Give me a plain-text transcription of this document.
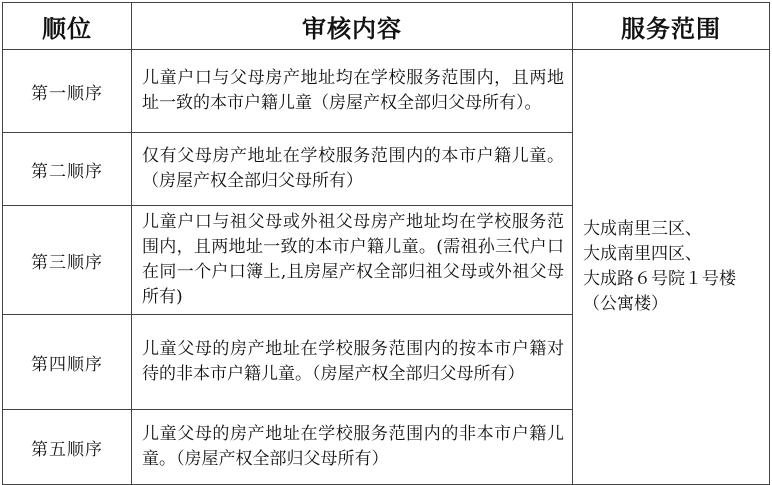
顺位	审核内容	服务范围
第一顺序	儿童户口与父母房产地址均在学校服务范围内，且两地址一致的本市户籍儿童（房屋产权全部归父母所有）。	大成南里三区、
大成南里四区、
大成路６号院１号楼
（公寓楼）

第二顺序	仅有父母房产地址在学校服务范围内的本市户籍儿童。（房屋产权全部归父母所有）	
第三顺序	儿童户口与祖父母或外祖父母房产地址均在学校服务范围内，且两地址一致的本市户籍儿童。(需祖孙三代户口在同一个户口簿上,且房屋产权全部归祖父母或外祖父母所有)	
第四顺序	儿童父母的房产地址在学校服务范围内的按本市户籍对待的非本市户籍儿童。（房屋产权全部归父母所有）	
第五顺序	儿童父母的房产地址在学校服务范围内的非本市户籍儿童。（房屋产权全部归父母所有）	
